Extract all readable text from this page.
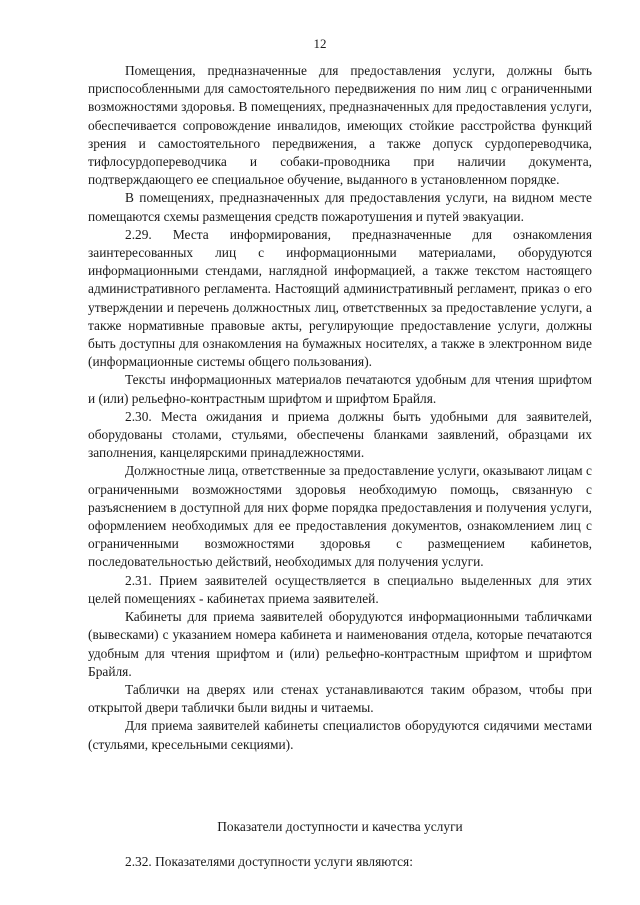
12

Помещения, предназначенные для предоставления услуги, должны быть приспособленными для самостоятельного передвижения по ним лиц с ограниченными возможностями здоровья. В помещениях, предназначенных для предоставления услуги, обеспечивается сопровождение инвалидов, имеющих стойкие расстройства функций зрения и самостоятельного передвижения, а также допуск сурдопереводчика, тифлосурдопереводчика и собаки-проводника при наличии документа, подтверждающего ее специальное обучение, выданного в установленном порядке.

В помещениях, предназначенных для предоставления услуги, на видном месте помещаются схемы размещения средств пожаротушения и путей эвакуации.

2.29. Места информирования, предназначенные для ознакомления заинтересованных лиц с информационными материалами, оборудуются информационными стендами, наглядной информацией, а также текстом настоящего административного регламента. Настоящий административный регламент, приказ о его утверждении и перечень должностных лиц, ответственных за предоставление услуги, а также нормативные правовые акты, регулирующие предоставление услуги, должны быть доступны для ознакомления на бумажных носителях, а также в электронном виде (информационные системы общего пользования).

Тексты информационных материалов печатаются удобным для чтения шрифтом и (или) рельефно-контрастным шрифтом и шрифтом Брайля.

2.30. Места ожидания и приема должны быть удобными для заявителей, оборудованы столами, стульями, обеспечены бланками заявлений, образцами их заполнения, канцелярскими принадлежностями.

Должностные лица, ответственные за предоставление услуги, оказывают лицам с ограниченными возможностями здоровья необходимую помощь, связанную с разъяснением в доступной для них форме порядка предоставления и получения услуги, оформлением необходимых для ее предоставления документов, ознакомлением лиц с ограниченными возможностями здоровья с размещением кабинетов, последовательностью действий, необходимых для получения услуги.

2.31. Прием заявителей осуществляется в специально выделенных для этих целей помещениях - кабинетах приема заявителей.

Кабинеты для приема заявителей оборудуются информационными табличками (вывесками) с указанием номера кабинета и наименования отдела, которые печатаются удобным для чтения шрифтом и (или) рельефно-контрастным шрифтом и шрифтом Брайля.

Таблички на дверях или стенах устанавливаются таким образом, чтобы при открытой двери таблички были видны и читаемы.

Для приема заявителей кабинеты специалистов оборудуются сидячими местами (стульями, кресельными секциями).

Показатели доступности и качества услуги
2.32. Показателями доступности услуги являются:
